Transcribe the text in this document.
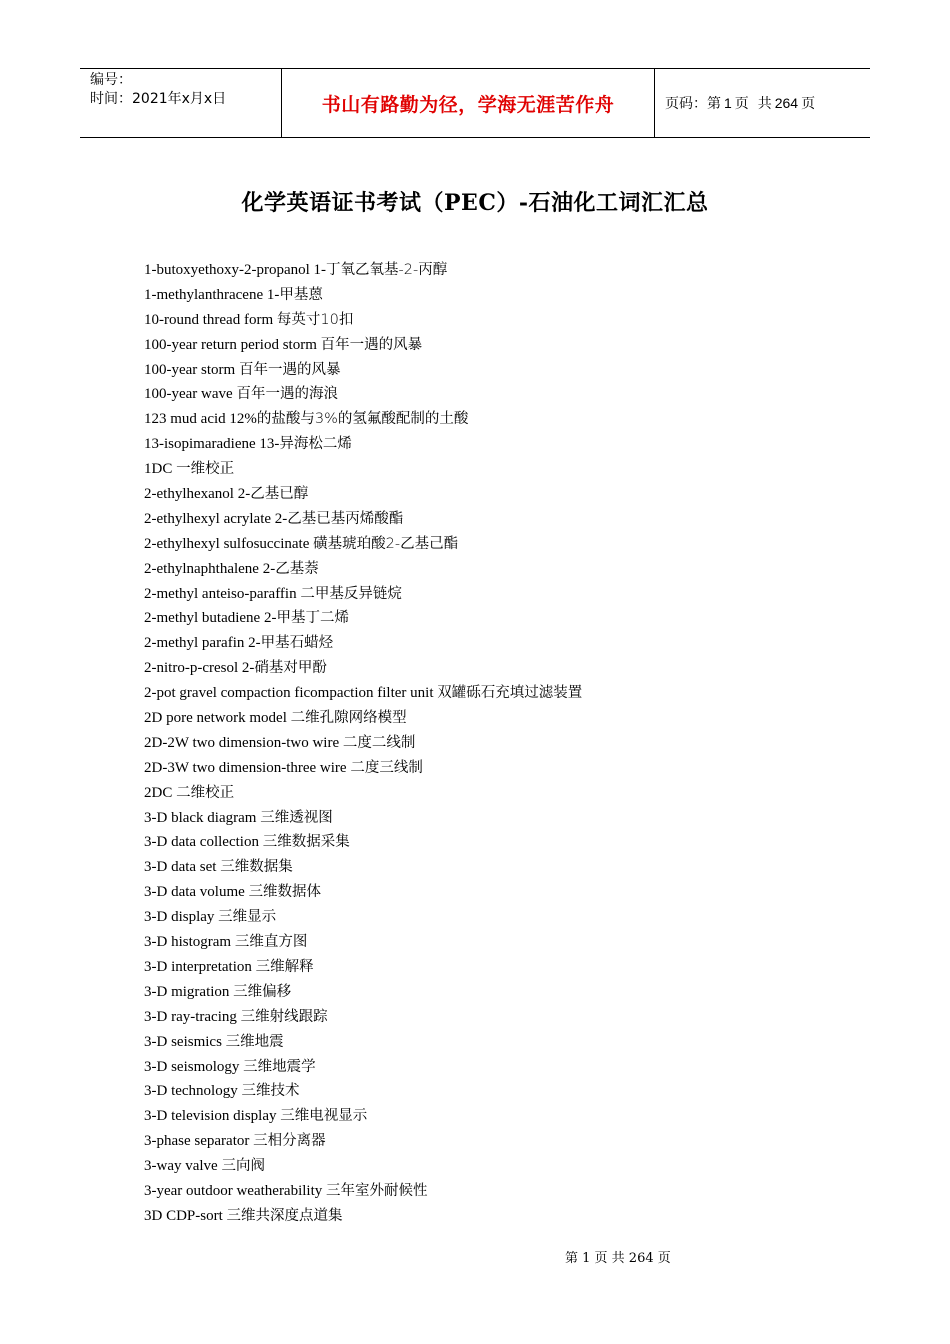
编号：
时间：2021年x月x日	书山有路勤为径，学海无涯苦作舟	页码：第 1 页  共 264 页
化学英语证书考试（PEC）-石油化工词汇汇总
1-butoxyethoxy-2-propanol 1-丁氧乙氧基-2-丙醇
1-methylanthracene 1-甲基蒽
10-round thread form 每英寸10扣
100-year return period storm 百年一遇的风暴
100-year storm 百年一遇的风暴
100-year wave 百年一遇的海浪
123 mud acid 12%的盐酸与3%的氢氟酸配制的土酸
13-isopimaradiene 13-异海松二烯
1DC 一维校正
2-ethylhexanol 2-乙基已醇
2-ethylhexyl acrylate 2-乙基已基丙烯酸酯
2-ethylhexyl sulfosuccinate 磺基琥珀酸2-乙基己酯
2-ethylnaphthalene 2-乙基萘
2-methyl anteiso-paraffin 二甲基反异链烷
2-methyl butadiene 2-甲基丁二烯
2-methyl parafin 2-甲基石蜡烃
2-nitro-p-cresol 2-硝基对甲酚
2-pot gravel compaction ficompaction filter unit 双罐砾石充填过滤装置
2D pore network model 二维孔隙网络模型
2D-2W two dimension-two wire 二度二线制
2D-3W two dimension-three wire 二度三线制
2DC 二维校正
3-D black diagram 三维透视图
3-D data collection 三维数据采集
3-D data set 三维数据集
3-D data volume 三维数据体
3-D display 三维显示
3-D histogram 三维直方图
3-D interpretation 三维解释
3-D migration 三维偏移
3-D ray-tracing 三维射线跟踪
3-D seismics 三维地震
3-D seismology 三维地震学
3-D technology 三维技术
3-D television display 三维电视显示
3-phase separator 三相分离器
3-way valve 三向阀
3-year outdoor weatherability 三年室外耐候性
3D CDP-sort 三维共深度点道集
第 1 页 共 264 页
